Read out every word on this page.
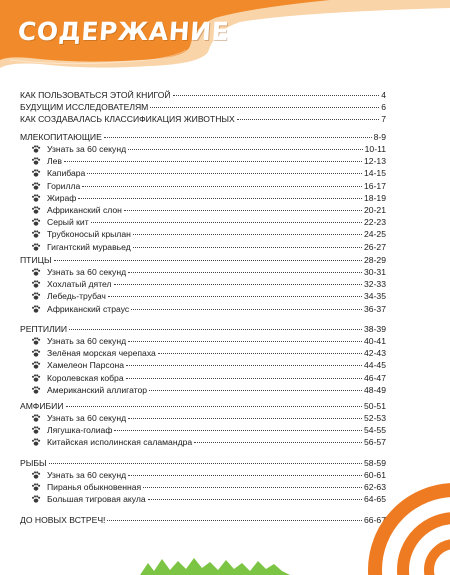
СОДЕРЖАНИЕ
КАК ПОЛЬЗОВАТЬСЯ ЭТОЙ КНИГОЙ	4
БУДУЩИМ ИССЛЕДОВАТЕЛЯМ	6
КАК СОЗДАВАЛАСЬ КЛАССИФИКАЦИЯ ЖИВОТНЫХ	7
МЛЕКОПИТАЮЩИЕ	8-9
Узнать за 60 секунд	10-11
Лев	12-13
Капибара	14-15
Горилла	16-17
Жираф	18-19
Африканский слон	20-21
Серый кит	22-23
Трубконосый крылан	24-25
Гигантский муравьед	26-27
ПТИЦЫ	28-29
Узнать за 60 секунд	30-31
Хохлатый дятел	32-33
Лебедь-трубач	34-35
Африканский страус	36-37
РЕПТИЛИИ	38-39
Узнать за 60 секунд	40-41
Зелёная морская черепаха	42-43
Хамелеон Парсона	44-45
Королевская кобра	46-47
Американский аллигатор	48-49
АМФИБИИ	50-51
Узнать за 60 секунд	52-53
Лягушка-голиаф	54-55
Китайская исполинская саламандра	56-57
РЫБЫ	58-59
Узнать за 60 секунд	60-61
Пиранья обыкновенная	62-63
Большая тигровая акула	64-65
ДО НОВЫХ ВСТРЕЧ!	66-67
